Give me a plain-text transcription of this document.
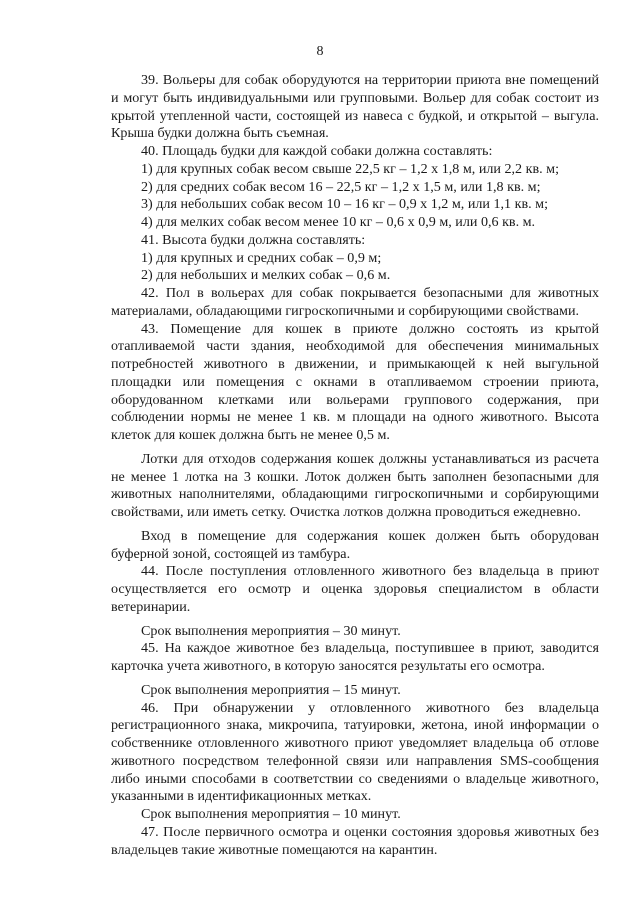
8

39. Вольеры для собак оборудуются на территории приюта вне помещений и могут быть индивидуальными или групповыми. Вольер для собак состоит из крытой утепленной части, состоящей из навеса с будкой, и открытой – выгула. Крыша будки должна быть съемная.

40. Площадь будки для каждой собаки должна составлять:

1) для крупных собак весом свыше 22,5 кг – 1,2 х 1,8 м, или 2,2 кв. м;

2) для средних собак весом 16 – 22,5 кг – 1,2 х 1,5 м, или 1,8 кв. м;

3) для небольших собак весом 10 – 16 кг – 0,9 х 1,2 м, или 1,1 кв. м;

4) для мелких собак весом менее 10 кг – 0,6 х 0,9 м, или 0,6 кв. м.

41. Высота будки должна составлять:

1) для крупных и средних собак – 0,9 м;

2) для небольших и мелких собак – 0,6 м.

42. Пол в вольерах для собак покрывается безопасными для животных материалами, обладающими гигроскопичными и сорбирующими свойствами.

43. Помещение для кошек в приюте должно состоять из крытой отапливаемой части здания, необходимой для обеспечения минимальных потребностей животного в движении, и примыкающей к ней выгульной площадки или помещения с окнами в отапливаемом строении приюта, оборудованном клетками или вольерами группового содержания, при соблюдении нормы не менее 1 кв. м площади на одного животного. Высота клеток для кошек должна быть не менее 0,5 м.

Лотки для отходов содержания кошек должны устанавливаться из расчета не менее 1 лотка на 3 кошки. Лоток должен быть заполнен безопасными для животных наполнителями, обладающими гигроскопичными и сорбирующими свойствами, или иметь сетку. Очистка лотков должна проводиться ежедневно.

Вход в помещение для содержания кошек должен быть оборудован буферной зоной, состоящей из тамбура.

44. После поступления отловленного животного без владельца в приют осуществляется его осмотр и оценка здоровья специалистом в области ветеринарии.

Срок выполнения мероприятия – 30 минут.

45. На каждое животное без владельца, поступившее в приют, заводится карточка учета животного, в которую заносятся результаты его осмотра.

Срок выполнения мероприятия – 15 минут.

46. При обнаружении у отловленного животного без владельца регистрационного знака, микрочипа, татуировки, жетона, иной информации о собственнике отловленного животного приют уведомляет владельца об отлове животного посредством телефонной связи или направления SMS-сообщения либо иными способами в соответствии со сведениями о владельце животного, указанными в идентификационных метках.

Срок выполнения мероприятия – 10 минут.

47. После первичного осмотра и оценки состояния здоровья животных без владельцев такие животные помещаются на карантин.
